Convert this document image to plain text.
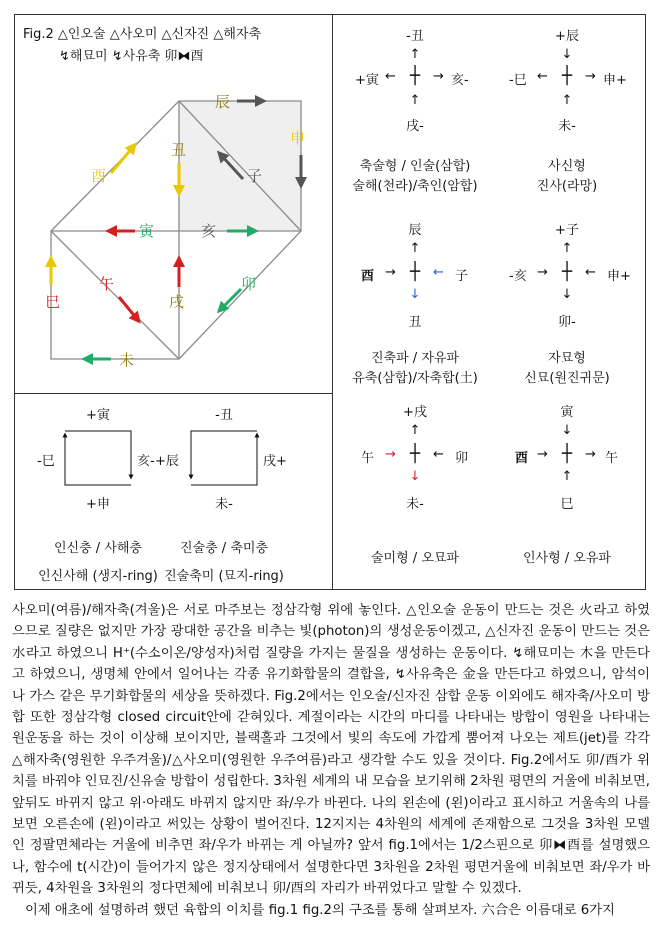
Fig.2 △인오술 △사오미 △신자진 △해자축
↯해묘미 ↯사유축 卯⧓酉
辰
申
酉
丑
子
寅	亥
午	卯
巳	戌
未
+寅
-巳	亥-
+申
인신충 / 사해충
인신사해 (생지-ring)
-丑
+辰	戌+
未-
진술충 / 축미충
진술축미 (묘지-ring)
-丑
↑
+寅 ← ┼ → 亥-
↑
戌-
축술형 / 인술(삼합)
술해(천라)/축인(암합)
+辰
↓
-巳 ← ┼ → 申+
↑
未-
사신형
진사(라망)
辰
↑
酉 → ┼ ← 子
↓
丑
진축파 / 자유파
유축(삼합)/자축합(土)
+子
↑
-亥 → ┼ ← 申+
↓
卯-
자묘형
신묘(원진귀문)
+戌
↑
午 → ┼ ← 卯
↓
未-
술미형 / 오묘파
寅
↓
酉 → ┼ → 午
↑
巳
인사형 / 오유파

사오미(여름)/해자축(겨울)은 서로 마주보는 정삼각형 위에 놓인다. △인오술 운동이 만드는 것은 火라고 하였으므로 질량은 없지만 가장 광대한 공간을 비추는 빛(photon)의 생성운동이겠고, △신자진 운동이 만드는 것은 水라고 하였으니 H⁺(수소이온/양성자)처럼 질량을 가지는 물질을 생성하는 운동이다. ↯해묘미는 木을 만든다고 하였으니, 생명체 안에서 일어나는 각종 유기화합물의 결합을, ↯사유축은 金을 만든다고 하였으니, 암석이나 가스 같은 무기화합물의 세상을 뜻하겠다. Fig.2에서는 인오술/신자진 삼합 운동 이외에도 해자축/사오미 방합 또한 정삼각형 closed circuit안에 갇혀있다. 계절이라는 시간의 마디를 나타내는 방합이 영원을 나타내는 원운동을 하는 것이 이상해 보이지만, 블랙홀과 그것에서 빛의 속도에 가깝게 뿜어져 나오는 제트(jet)를 각각 △해자축(영원한 우주겨울)/△사오미(영원한 우주여름)라고 생각할 수도 있을 것이다. Fig.2에서도 卯/酉가 위치를 바꿔야 인묘진/신유술 방합이 성립한다. 3차원 세계의 내 모습을 보기위해 2차원 평면의 거울에 비춰보면, 앞뒤도 바뀌지 않고 위·아래도 바뀌지 않지만 좌/우가 바뀐다. 나의 왼손에 (왼)이라고 표시하고 거울속의 나를 보면 오른손에 (왼)이라고 써있는 상황이 벌어진다. 12지지는 4차원의 세계에 존재함으로 그것을 3차원 모델인 정팔면체라는 거울에 비추면 좌/우가 바뀌는 게 아닐까? 앞서 fig.1에서는 1/2스핀으로 卯⧓酉를 설명했으나, 함수에 t(시간)이 들어가지 않은 정지상태에서 설명한다면 3차원을 2차원 평면거울에 비춰보면 좌/우가 바뀌듯, 4차원을 3차원의 정다면체에 비춰보니 卯/酉의 자리가 바뀌었다고 말할 수 있겠다.

이제 애초에 설명하려 했던 육합의 이치를 fig.1 fig.2의 구조를 통해 살펴보자. 六合은 이름대로 6가지
